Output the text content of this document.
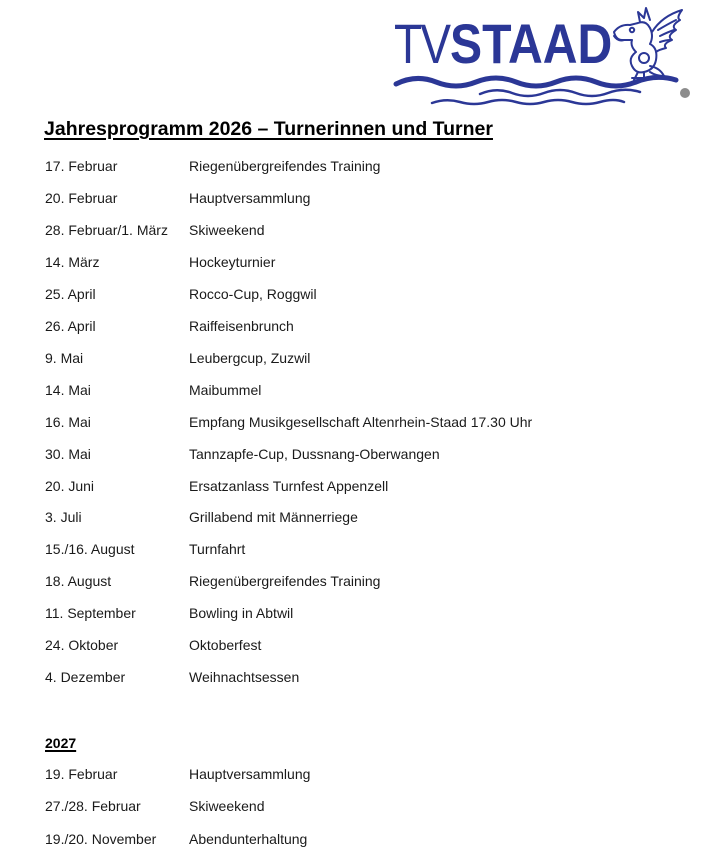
TVSTAAD
Jahresprogramm 2026 – Turnerinnen und Turner
17. Februar	Riegenübergreifendes Training
20. Februar	Hauptversammlung
28. Februar/1. März Skiweekend
14. März	Hockeyturnier
25. April	Rocco-Cup, Roggwil
26. April	Raiffeisenbrunch
9. Mai	Leubergcup, Zuzwil
14. Mai	Maibummel
16. Mai	Empfang Musikgesellschaft Altenrhein-Staad 17.30 Uhr
30. Mai	Tannzapfe-Cup, Dussnang-Oberwangen
20. Juni	Ersatzanlass Turnfest Appenzell
3. Juli	Grillabend mit Männerriege
15./16. August	Turnfahrt
18. August	Riegenübergreifendes Training
11. September	Bowling in Abtwil
24. Oktober	Oktoberfest
4. Dezember	Weihnachtsessen
2027
19. Februar	Hauptversammlung
27./28. Februar	Skiweekend
19./20. November Abendunterhaltung
